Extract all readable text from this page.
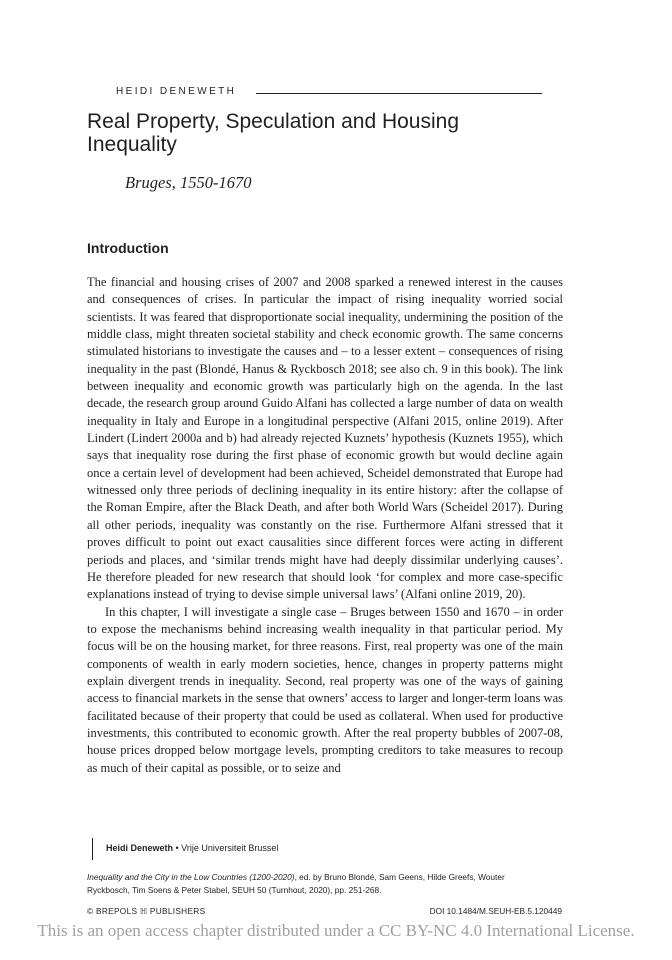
HEIDI DENEWETH
Real Property, Speculation and Housing Inequality
Bruges, 1550-1670
Introduction

The financial and housing crises of 2007 and 2008 sparked a renewed interest in the causes and consequences of crises. In particular the impact of rising inequality worried social scientists. It was feared that disproportionate social inequality, undermining the position of the middle class, might threaten societal stability and check economic growth. The same concerns stimulated historians to investigate the causes and – to a lesser extent – consequences of rising inequality in the past (Blondé, Hanus & Ryckbosch 2018; see also ch. 9 in this book). The link between inequality and economic growth was particularly high on the agenda. In the last decade, the research group around Guido Alfani has collected a large number of data on wealth inequality in Italy and Europe in a longitudinal perspective (Alfani 2015, online 2019). After Lindert (Lindert 2000a and b) had already rejected Kuznets’ hypothesis (Kuznets 1955), which says that inequality rose during the first phase of economic growth but would decline again once a certain level of development had been achieved, Scheidel demonstrated that Europe had witnessed only three periods of declining inequality in its entire history: after the collapse of the Roman Empire, after the Black Death, and after both World Wars (Scheidel 2017). During all other periods, inequality was constantly on the rise. Furthermore Alfani stressed that it proves difficult to point out exact causalities since different forces were acting in different periods and places, and ‘similar trends might have had deeply dissimilar underlying causes’. He therefore pleaded for new research that should look ‘for complex and more case-specific explanations instead of trying to devise simple universal laws’ (Alfani online 2019, 20).

In this chapter, I will investigate a single case – Bruges between 1550 and 1670 – in order to expose the mechanisms behind increasing wealth inequality in that particular period. My focus will be on the housing market, for three reasons. First, real property was one of the main components of wealth in early modern societies, hence, changes in property patterns might explain divergent trends in inequality. Second, real property was one of the ways of gaining access to financial markets in the sense that owners’ access to larger and longer-term loans was facilitated because of their property that could be used as collateral. When used for productive investments, this contributed to economic growth. After the real property bubbles of 2007-08, house prices dropped below mortgage levels, prompting creditors to take measures to recoup as much of their capital as possible, or to seize and

Heidi Deneweth • Vrije Universiteit Brussel
Inequality and the City in the Low Countries (1200-2020), ed. by Bruno Blondé, Sam Geens, Hilde Greefs, Wouter Ryckbosch, Tim Soens & Peter Stabel, SEUH 50 (Turnhout, 2020), pp. 251-268.
© BREPOLS ℍ PUBLISHERS	DOI 10.1484/M.SEUH-EB.5.120449
This is an open access chapter distributed under a CC BY-NC 4.0 International License.
